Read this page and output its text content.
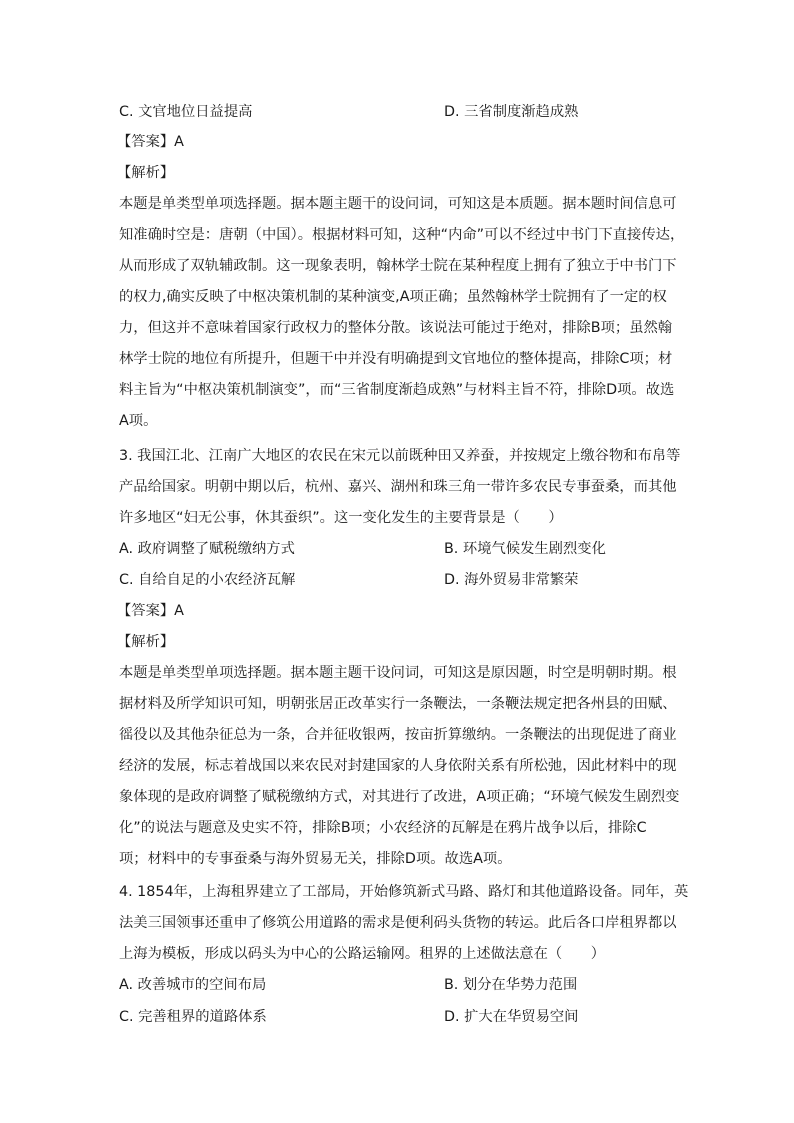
C. 文官地位日益提高	D. 三省制度渐趋成熟
【答案】A
【解析】
本题是单类型单项选择题。据本题主题干的设问词，可知这是本质题。据本题时间信息可
知准确时空是：唐朝（中国）。根据材料可知，这种“内命”可以不经过中书门下直接传达，
从而形成了双轨辅政制。这一现象表明，翰林学士院在某种程度上拥有了独立于中书门下
的权力,确实反映了中枢决策机制的某种演变,A项正确；虽然翰林学士院拥有了一定的权
力，但这并不意味着国家行政权力的整体分散。该说法可能过于绝对，排除B项；虽然翰
林学士院的地位有所提升，但题干中并没有明确提到文官地位的整体提高，排除C项；材
料主旨为“中枢决策机制演变”，而“三省制度渐趋成熟”与材料主旨不符，排除D项。故选
A项。
3. 我国江北、江南广大地区的农民在宋元以前既种田又养蚕，并按规定上缴谷物和布帛等
产品给国家。明朝中期以后，杭州、嘉兴、湖州和珠三角一带许多农民专事蚕桑，而其他
许多地区“妇无公事，休其蚕织”。这一变化发生的主要背景是（　　）
A. 政府调整了赋税缴纳方式	B. 环境气候发生剧烈变化
C. 自给自足的小农经济瓦解	D. 海外贸易非常繁荣
【答案】A
【解析】
本题是单类型单项选择题。据本题主题干设问词，可知这是原因题，时空是明朝时期。根
据材料及所学知识可知，明朝张居正改革实行一条鞭法，一条鞭法规定把各州县的田赋、
徭役以及其他杂征总为一条，合并征收银两，按亩折算缴纳。一条鞭法的出现促进了商业
经济的发展，标志着战国以来农民对封建国家的人身依附关系有所松弛，因此材料中的现
象体现的是政府调整了赋税缴纳方式，对其进行了改进，A项正确；“环境气候发生剧烈变
化”的说法与题意及史实不符，排除B项；小农经济的瓦解是在鸦片战争以后，排除C
项；材料中的专事蚕桑与海外贸易无关，排除D项。故选A项。
4. 1854年，上海租界建立了工部局，开始修筑新式马路、路灯和其他道路设备。同年，英
法美三国领事还重申了修筑公用道路的需求是便利码头货物的转运。此后各口岸租界都以
上海为模板，形成以码头为中心的公路运输网。租界的上述做法意在（　　）
A. 改善城市的空间布局	B. 划分在华势力范围
C. 完善租界的道路体系	D. 扩大在华贸易空间
